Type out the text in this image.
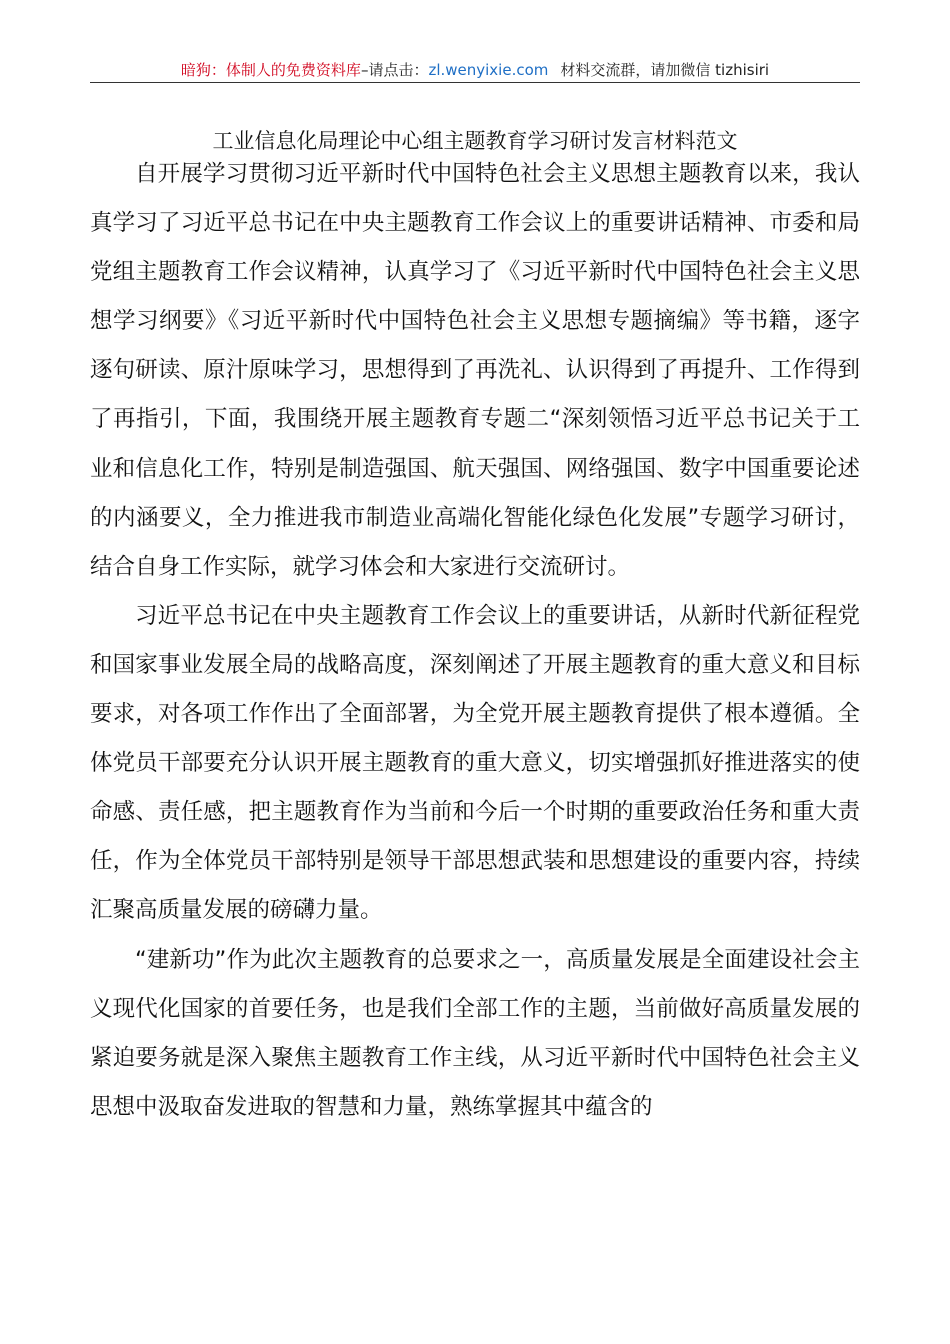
暗狗：体制人的免费资料库–请点击：zl.wenyixie.com 材料交流群，请加微信 tizhisiri
工业信息化局理论中心组主题教育学习研讨发言材料范文

自开展学习贯彻习近平新时代中国特色社会主义思想主题教育以来，我认真学习了习近平总书记在中央主题教育工作会议上的重要讲话精神、市委和局党组主题教育工作会议精神，认真学习了《习近平新时代中国特色社会主义思想学习纲要》《习近平新时代中国特色社会主义思想专题摘编》等书籍，逐字逐句研读、原汁原味学习，思想得到了再洗礼、认识得到了再提升、工作得到了再指引，下面，我围绕开展主题教育专题二“深刻领悟习近平总书记关于工业和信息化工作，特别是制造强国、航天强国、网络强国、数字中国重要论述的内涵要义，全力推进我市制造业高端化智能化绿色化发展”专题学习研讨，结合自身工作实际，就学习体会和大家进行交流研讨。

习近平总书记在中央主题教育工作会议上的重要讲话，从新时代新征程党和国家事业发展全局的战略高度，深刻阐述了开展主题教育的重大意义和目标要求，对各项工作作出了全面部署，为全党开展主题教育提供了根本遵循。全体党员干部要充分认识开展主题教育的重大意义，切实增强抓好推进落实的使命感、责任感，把主题教育作为当前和今后一个时期的重要政治任务和重大责任，作为全体党员干部特别是领导干部思想武装和思想建设的重要内容，持续汇聚高质量发展的磅礴力量。

“建新功”作为此次主题教育的总要求之一，高质量发展是全面建设社会主义现代化国家的首要任务，也是我们全部工作的主题，当前做好高质量发展的紧迫要务就是深入聚焦主题教育工作主线，从习近平新时代中国特色社会主义思想中汲取奋发进取的智慧和力量，熟练掌握其中蕴含的
